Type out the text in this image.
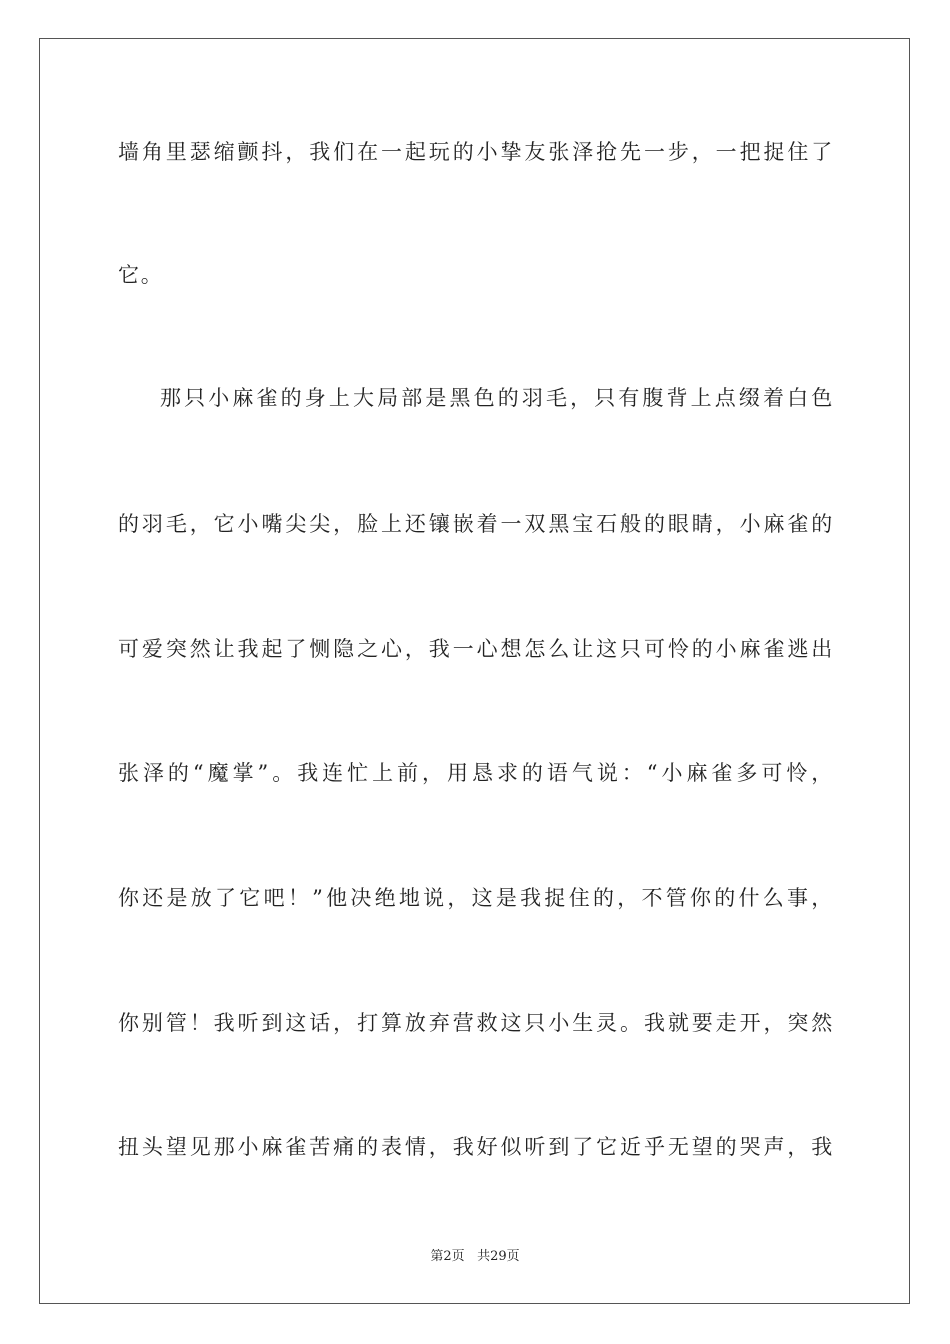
墙角里瑟缩颤抖，我们在一起玩的小挚友张泽抢先一步，一把捉住了
它。
那只小麻雀的身上大局部是黑色的羽毛，只有腹背上点缀着白色
的羽毛，它小嘴尖尖，脸上还镶嵌着一双黑宝石般的眼睛，小麻雀的
可爱突然让我起了恻隐之心，我一心想怎么让这只可怜的小麻雀逃出
张泽的“魔掌”。我连忙上前，用恳求的语气说：“小麻雀多可怜，
你还是放了它吧！”他决绝地说，这是我捉住的，不管你的什么事，
你别管！我听到这话，打算放弃营救这只小生灵。我就要走开，突然
扭头望见那小麻雀苦痛的表情，我好似听到了它近乎无望的哭声，我
第2页 共29页
